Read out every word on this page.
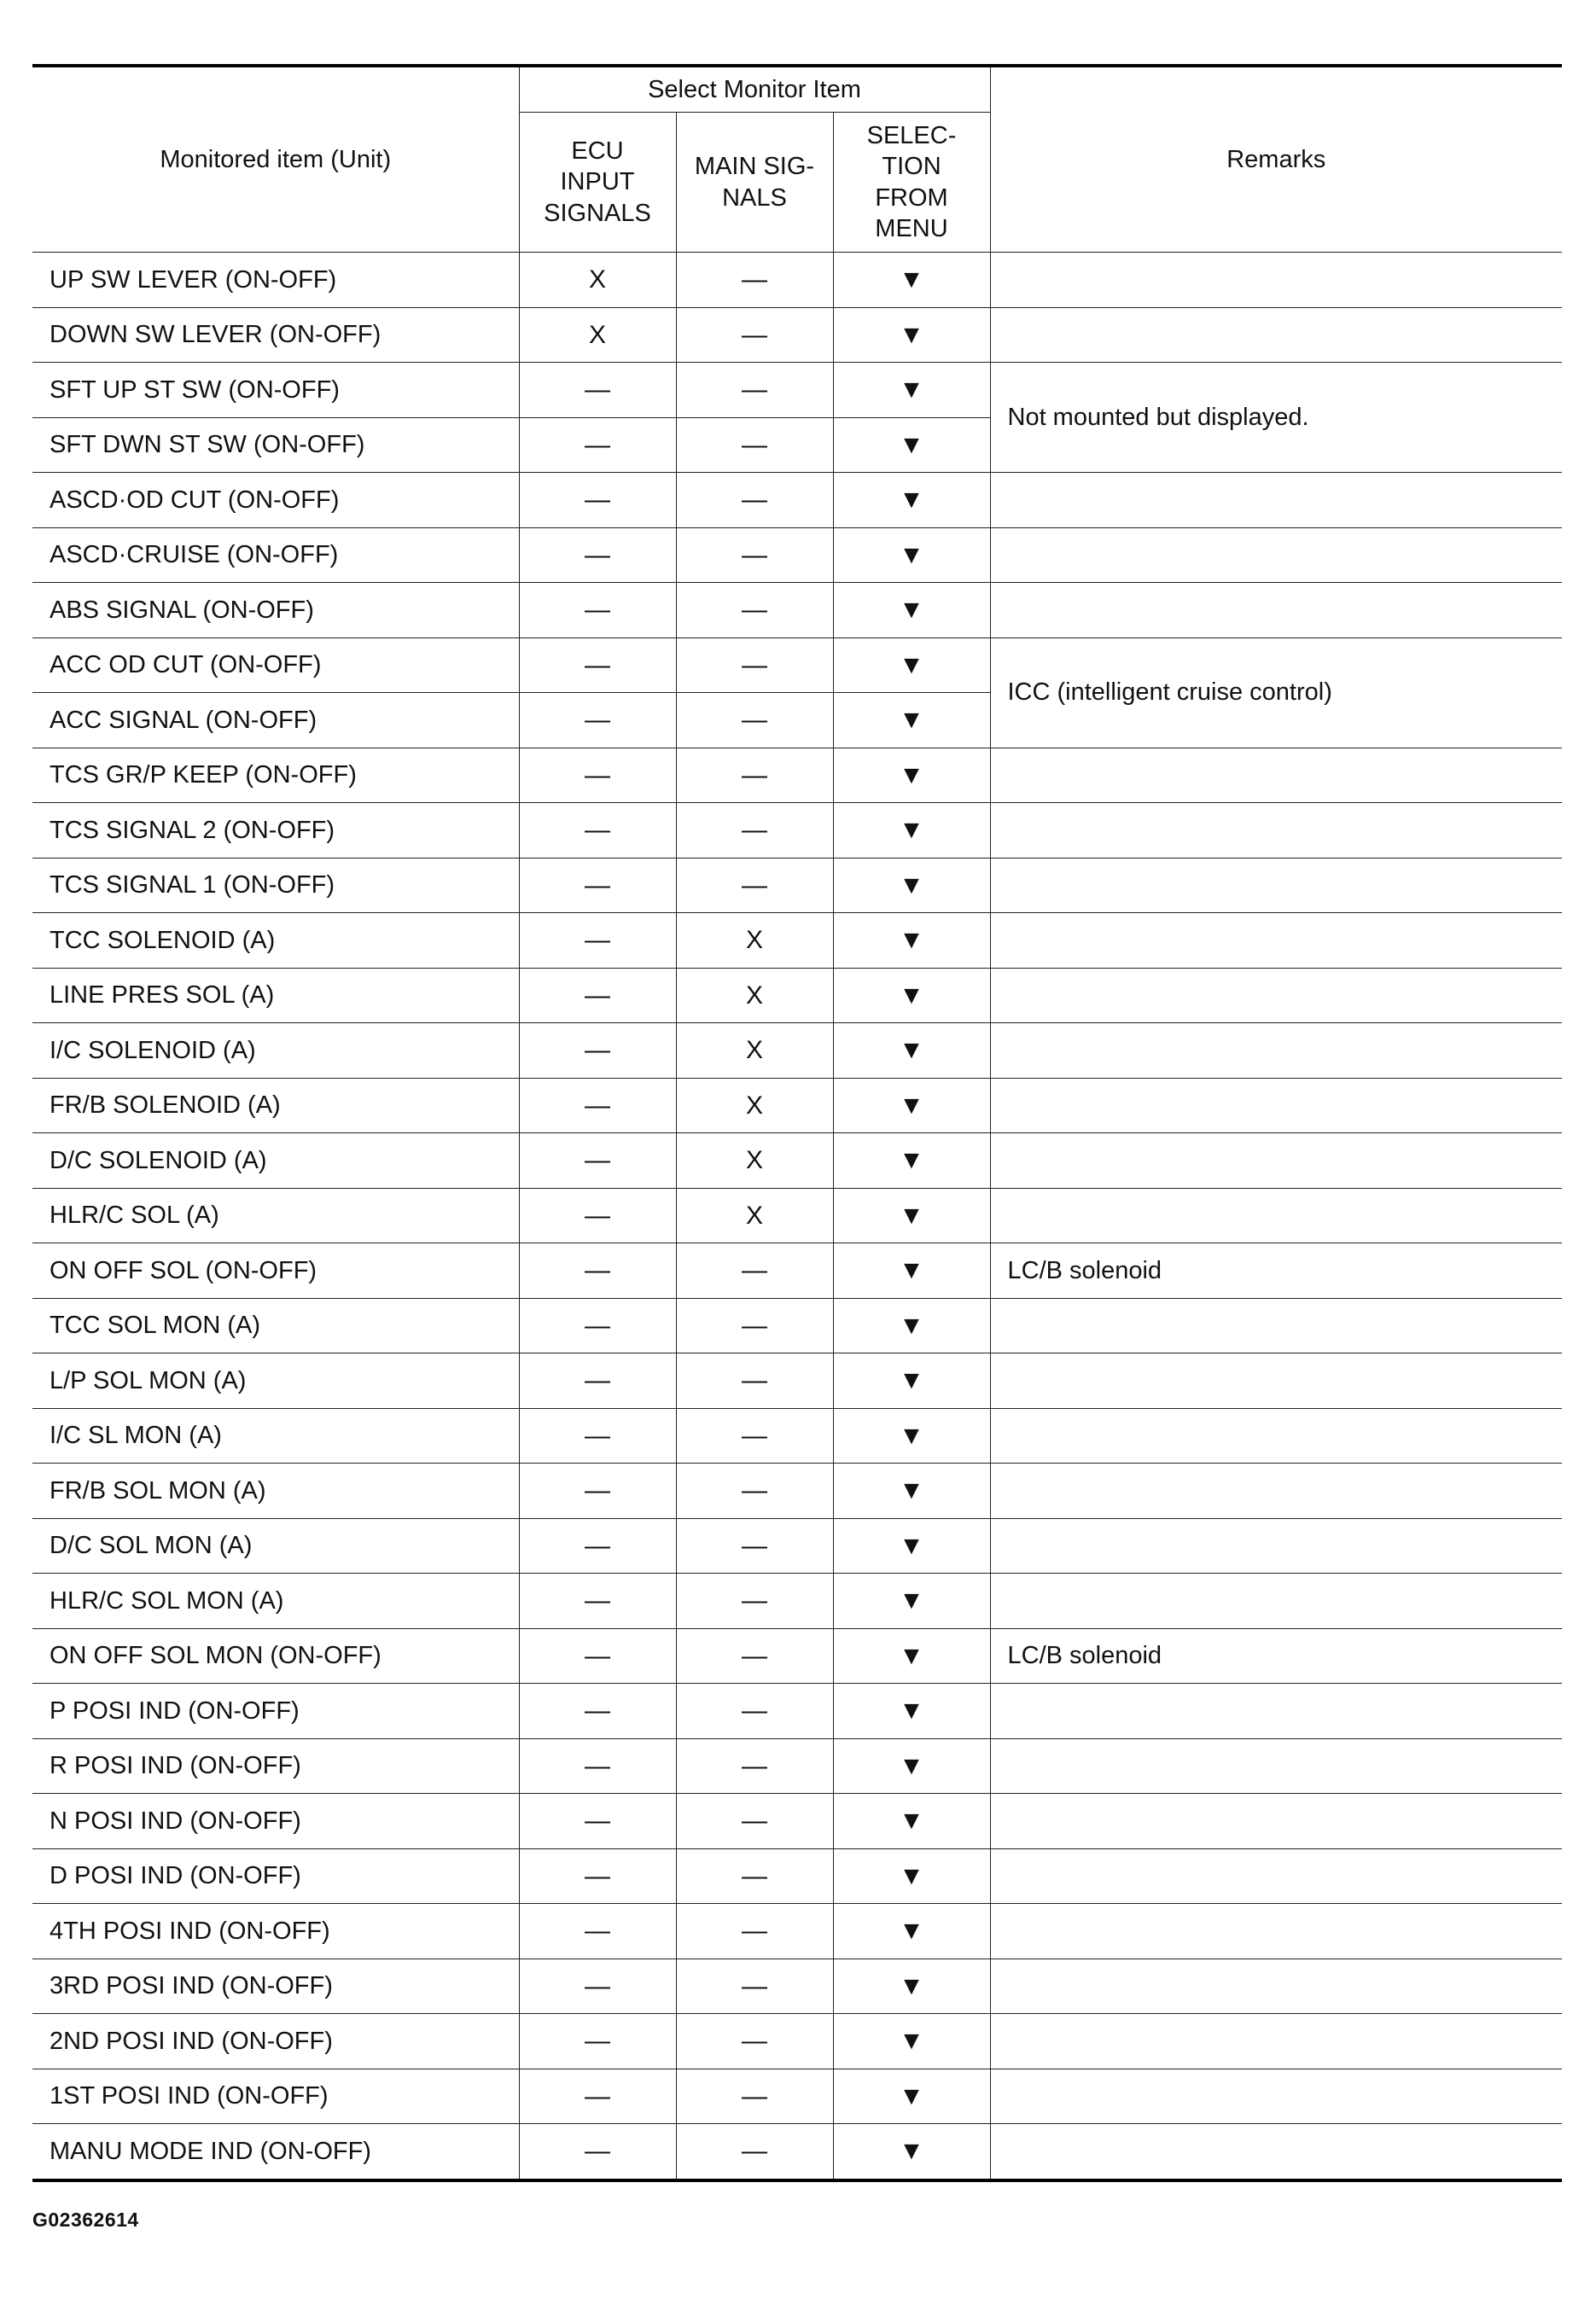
Monitored item (Unit)	Select Monitor Item			Remarks
	ECU INPUT SIGNALS	MAIN SIG-NALS	SELEC-TION FROM MENU	
UP SW LEVER (ON-OFF)	X	—	▼	
DOWN SW LEVER (ON-OFF)	X	—	▼	
SFT UP ST SW (ON-OFF)	—	—	▼	Not mounted but displayed.
SFT DWN ST SW (ON-OFF)	—	—	▼	
ASCD·OD CUT (ON-OFF)	—	—	▼	
ASCD·CRUISE (ON-OFF)	—	—	▼	
ABS SIGNAL (ON-OFF)	—	—	▼	
ACC OD CUT (ON-OFF)	—	—	▼	ICC (intelligent cruise control)
ACC SIGNAL (ON-OFF)	—	—	▼	
TCS GR/P KEEP (ON-OFF)	—	—	▼	
TCS SIGNAL 2 (ON-OFF)	—	—	▼	
TCS SIGNAL 1 (ON-OFF)	—	—	▼	
TCC SOLENOID (A)	—	X	▼	
LINE PRES SOL (A)	—	X	▼	
I/C SOLENOID (A)	—	X	▼	
FR/B SOLENOID (A)	—	X	▼	
D/C SOLENOID (A)	—	X	▼	
HLR/C SOL (A)	—	X	▼	
ON OFF SOL (ON-OFF)	—	—	▼	LC/B solenoid
TCC SOL MON (A)	—	—	▼	
L/P SOL MON (A)	—	—	▼	
I/C SL MON (A)	—	—	▼	
FR/B SOL MON (A)	—	—	▼	
D/C SOL MON (A)	—	—	▼	
HLR/C SOL MON (A)	—	—	▼	
ON OFF SOL MON (ON-OFF)	—	—	▼	LC/B solenoid
P POSI IND (ON-OFF)	—	—	▼	
R POSI IND (ON-OFF)	—	—	▼	
N POSI IND (ON-OFF)	—	—	▼	
D POSI IND (ON-OFF)	—	—	▼	
4TH POSI IND (ON-OFF)	—	—	▼	
3RD POSI IND (ON-OFF)	—	—	▼	
2ND POSI IND (ON-OFF)	—	—	▼	
1ST POSI IND (ON-OFF)	—	—	▼	
MANU MODE IND (ON-OFF)	—	—	▼	
G02362614
